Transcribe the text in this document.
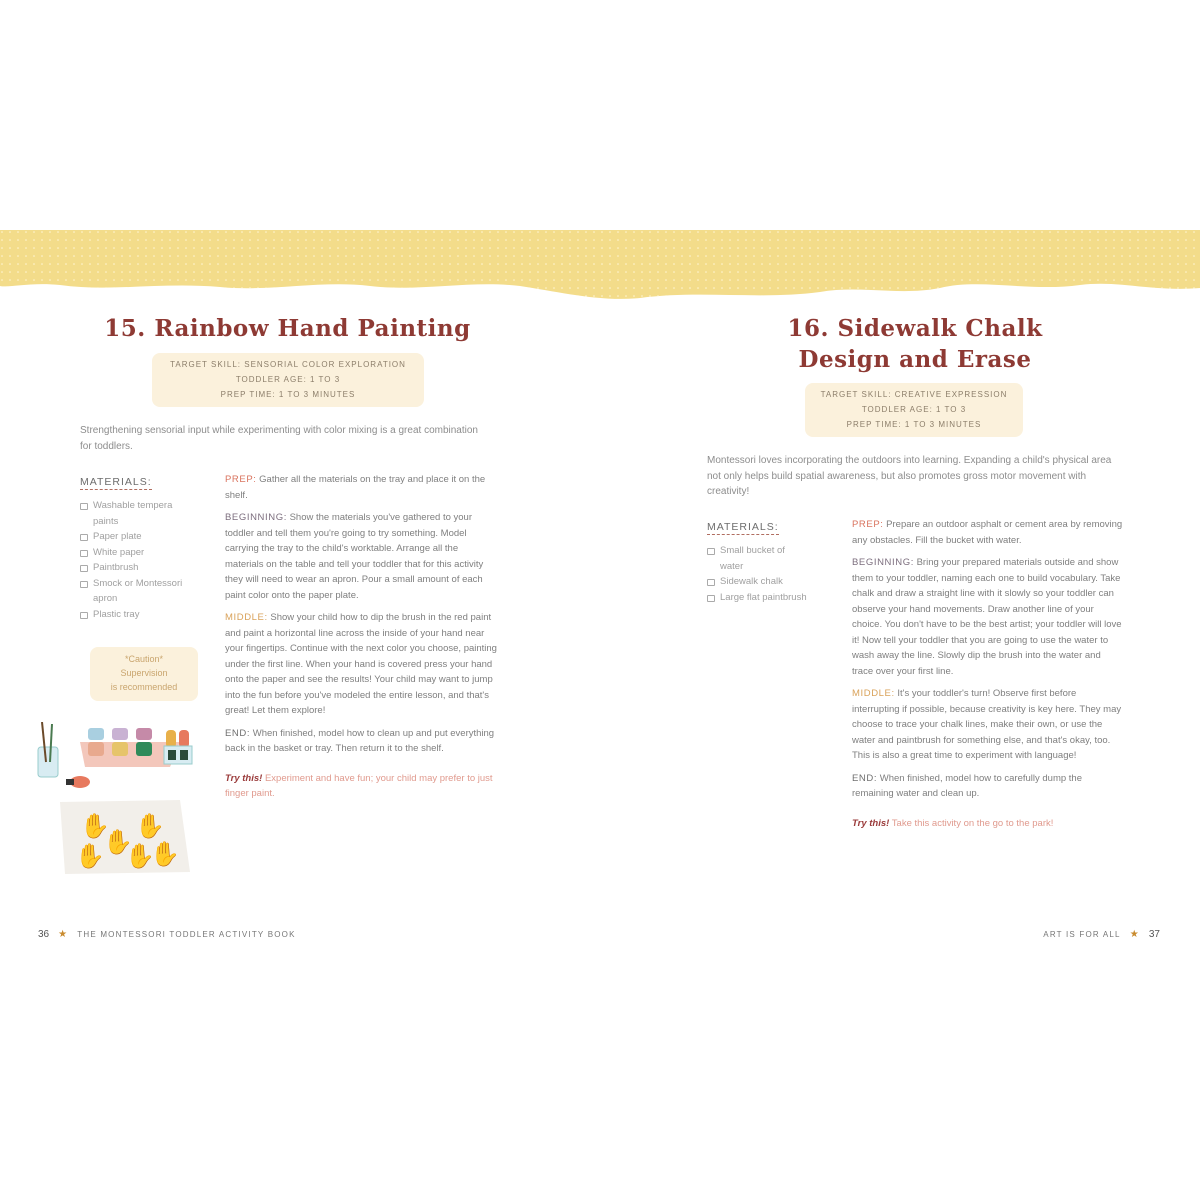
15. Rainbow Hand Painting
TARGET SKILL: SENSORIAL COLOR EXPLORATION
TODDLER AGE: 1 TO 3
PREP TIME: 1 TO 3 MINUTES
Strengthening sensorial input while experimenting with color mixing is a great combination for toddlers.
MATERIALS:
Washable tempera paints
Paper plate
White paper
Paintbrush
Smock or Montessori apron
Plastic tray
*Caution*
Supervision
is recommended
✋ ✋
✋
✋ ✋
✋

PREP: Gather all the materials on the tray and place it on the shelf.

BEGINNING: Show the materials you've gathered to your toddler and tell them you're going to try something. Model carrying the tray to the child's worktable. Arrange all the materials on the table and tell your toddler that for this activity they will need to wear an apron. Pour a small amount of each paint color onto the paper plate.

MIDDLE: Show your child how to dip the brush in the red paint and paint a horizontal line across the inside of your hand near your fingertips. Continue with the next color you choose, painting under the first line. When your hand is covered press your hand onto the paper and see the results! Your child may want to jump into the fun before you've modeled the entire lesson, and that's great! Let them explore!

END: When finished, model how to clean up and put everything back in the basket or tray. Then return it to the shelf.

Try this! Experiment and have fun; your child may prefer to just finger paint.
36 ★ THE MONTESSORI TODDLER ACTIVITY BOOK
16. Sidewalk Chalk
Design and Erase
TARGET SKILL: CREATIVE EXPRESSION
TODDLER AGE: 1 TO 3
PREP TIME: 1 TO 3 MINUTES
Montessori loves incorporating the outdoors into learning. Expanding a child's physical area not only helps build spatial awareness, but also promotes gross motor movement with creativity!
MATERIALS:
Small bucket of water
Sidewalk chalk
Large flat paintbrush

PREP: Prepare an outdoor asphalt or cement area by removing any obstacles. Fill the bucket with water.

BEGINNING: Bring your prepared materials outside and show them to your toddler, naming each one to build vocabulary. Take chalk and draw a straight line with it slowly so your toddler can observe your hand movements. Draw another line of your choice. You don't have to be the best artist; your toddler will love it! Now tell your toddler that you are going to use the water to wash away the line. Slowly dip the brush into the water and trace over your first line.

MIDDLE: It's your toddler's turn! Observe first before interrupting if possible, because creativity is key here. They may choose to trace your chalk lines, make their own, or use the water and paintbrush for something else, and that's okay, too. This is also a great time to experiment with language!

END: When finished, model how to carefully dump the remaining water and clean up.

Try this! Take this activity on the go to the park!
ART IS FOR ALL ★ 37
